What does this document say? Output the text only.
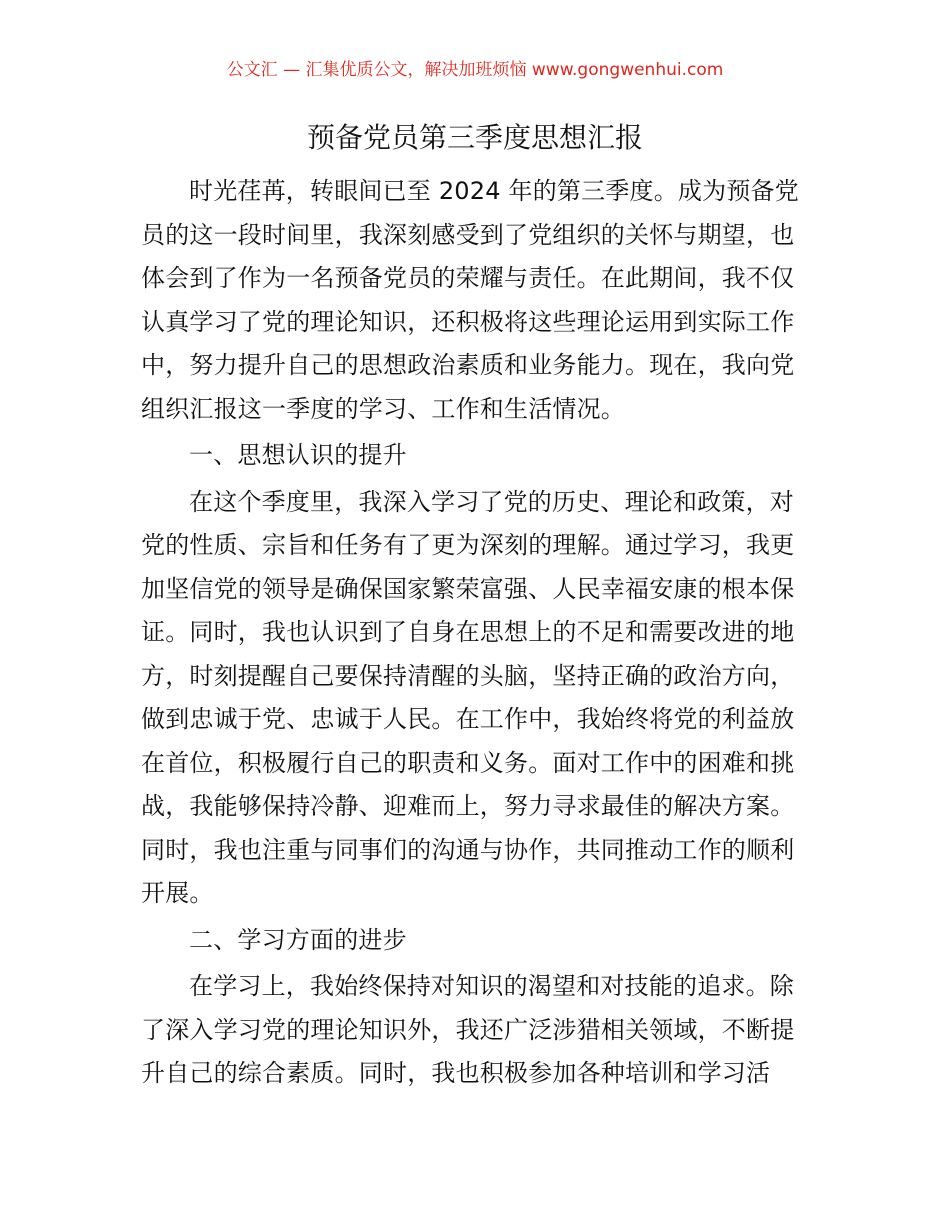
公文汇 — 汇集优质公文，解决加班烦恼 www.gongwenhui.com
预备党员第三季度思想汇报
时光荏苒，转眼间已至 2024 年的第三季度。成为预备党
员的这一段时间里，我深刻感受到了党组织的关怀与期望，也
体会到了作为一名预备党员的荣耀与责任。在此期间，我不仅
认真学习了党的理论知识，还积极将这些理论运用到实际工作
中，努力提升自己的思想政治素质和业务能力。现在，我向党
组织汇报这一季度的学习、工作和生活情况。
一、思想认识的提升
在这个季度里，我深入学习了党的历史、理论和政策，对
党的性质、宗旨和任务有了更为深刻的理解。通过学习，我更
加坚信党的领导是确保国家繁荣富强、人民幸福安康的根本保
证。同时，我也认识到了自身在思想上的不足和需要改进的地
方，时刻提醒自己要保持清醒的头脑，坚持正确的政治方向，
做到忠诚于党、忠诚于人民。在工作中，我始终将党的利益放
在首位，积极履行自己的职责和义务。面对工作中的困难和挑
战，我能够保持冷静、迎难而上，努力寻求最佳的解决方案。
同时，我也注重与同事们的沟通与协作，共同推动工作的顺利
开展。
二、学习方面的进步
在学习上，我始终保持对知识的渴望和对技能的追求。除
了深入学习党的理论知识外，我还广泛涉猎相关领域，不断提
升自己的综合素质。同时，我也积极参加各种培训和学习活
